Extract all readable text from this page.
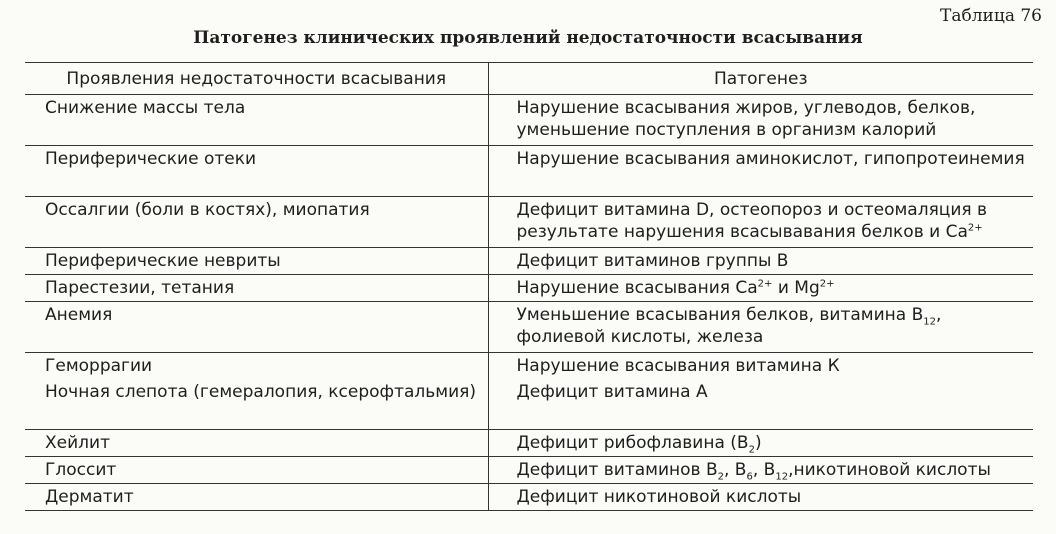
Таблица 76
Патогенез клинических проявлений недостаточности всасывания
Проявления недостаточности всасывания	Патогенез
Снижение массы тела	Нарушение всасывания жиров, углеводов, белков, уменьшение поступления в организм калорий
Периферические отеки	Нарушение всасывания аминокислот, гипопротеинемия
Оссалгии (боли в костях), миопатия	Дефицит витамина D, остеопороз и остеомаляция в результате нарушения всасывавания белков и $Ca^{2+}$
Периферические невриты	Дефицит витаминов группы В
Парестезии, тетания	Нарушение всасывания $Ca^{2+}$ и $Mg^{2+}$
Анемия	Уменьшение всасывания белков, витамина $В_{12}$, фолиевой кислоты, железа
Геморрагии	Нарушение всасывания витамина К
Ночная слепота (гемералопия, ксерофтальмия)	Дефицит витамина А
Хейлит	Дефицит рибофлавина $(В_2)$
Глоссит	Дефицит витаминов $В_2$, $В_6$, $В_{12},никотиновой$ кислоты
Дерматит	Дефицит никотиновой кислоты
